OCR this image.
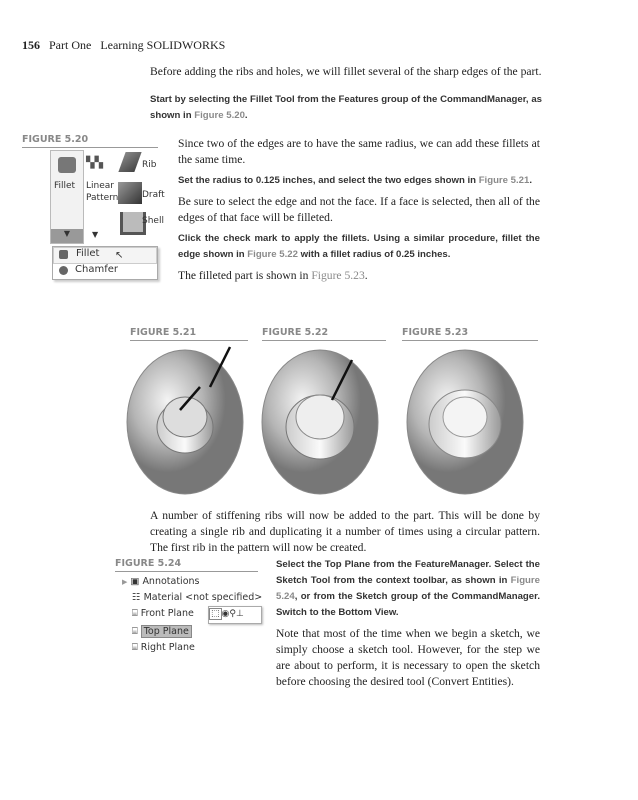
156 Part One Learning SOLIDWORKS
Before adding the ribs and holes, we will fillet several of the sharp edges of the part.
Start by selecting the Fillet Tool from the Features group of the CommandManager, as shown in Figure 5.20.
FIGURE 5.20
Fillet
▼
▚▚
Linear
Pattern
▼
Rib
Draft
Shell
Fillet
Chamfer
↖
Since two of the edges are to have the same radius, we can add these fillets at the same time.
Set the radius to 0.125 inches, and select the two edges shown in Figure 5.21.
Be sure to select the edge and not the face. If a face is selected, then all of the edges of that face will be filleted.
Click the check mark to apply the fillets. Using a similar procedure, fillet the edge shown in Figure 5.22 with a fillet radius of 0.25 inches.
The filleted part is shown in Figure 5.23.
FIGURE 5.21	FIGURE 5.22	FIGURE 5.23
A number of stiffening ribs will now be added to the part. This will be done by creating a single rib and duplicating it a number of times using a circular pattern. The first rib in the pattern will now be created.
FIGURE 5.24
▶ ▣ Annotations
☷ Material <not specified>
⌸ Front Plane
⌸ Top Plane
⌸ Right Plane
⬚ ◉⚲⊥
Select the Top Plane from the FeatureManager. Select the Sketch Tool from the context toolbar, as shown in Figure 5.24, or from the Sketch group of the CommandManager. Switch to the Bottom View.
Note that most of the time when we begin a sketch, we simply choose a sketch tool. However, for the step we are about to perform, it is necessary to open the sketch before choosing the desired tool (Convert Entities).
